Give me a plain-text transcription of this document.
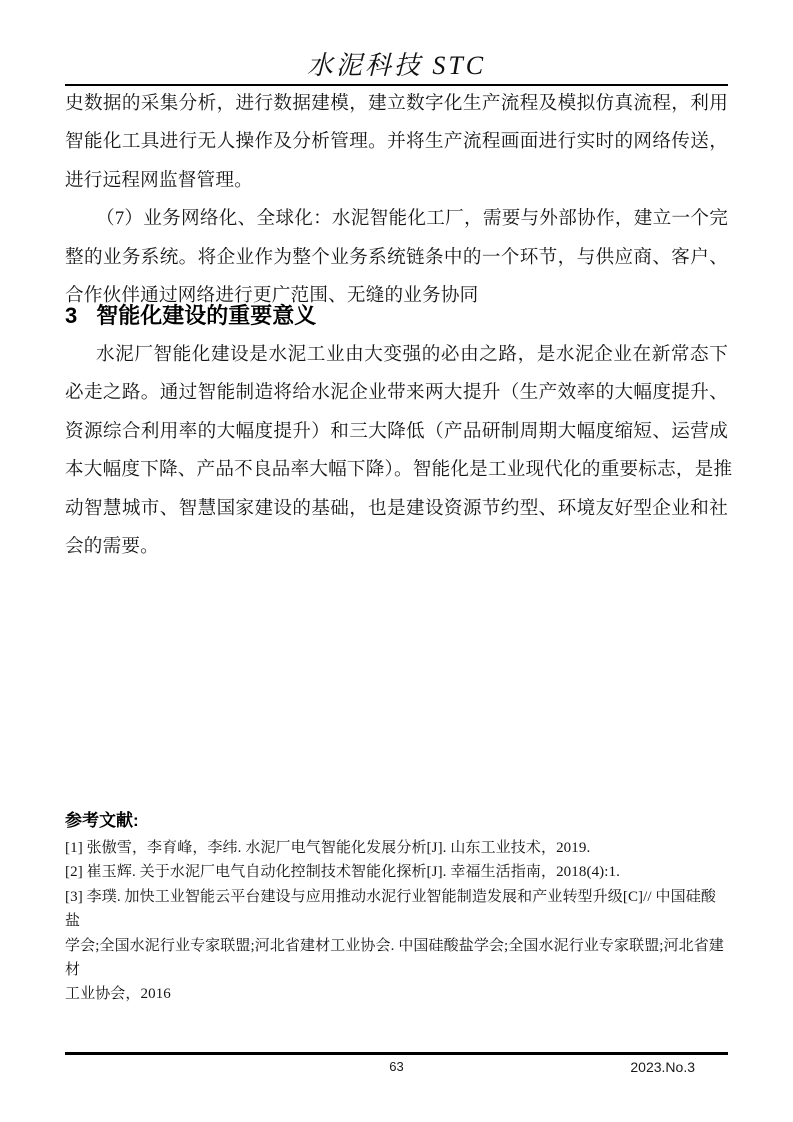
水泥科技 STC
史数据的采集分析，进行数据建模，建立数字化生产流程及模拟仿真流程，利用
智能化工具进行无人操作及分析管理。并将生产流程画面进行实时的网络传送，
进行远程网监督管理。
（7）业务网络化、全球化：水泥智能化工厂，需要与外部协作，建立一个完
整的业务系统。将企业作为整个业务系统链条中的一个环节，与供应商、客户、
合作伙伴通过网络进行更广范围、无缝的业务协同
3 智能化建设的重要意义
水泥厂智能化建设是水泥工业由大变强的必由之路，是水泥企业在新常态下
必走之路。通过智能制造将给水泥企业带来两大提升（生产效率的大幅度提升、
资源综合利用率的大幅度提升）和三大降低（产品研制周期大幅度缩短、运营成
本大幅度下降、产品不良品率大幅下降）。智能化是工业现代化的重要标志，是推
动智慧城市、智慧国家建设的基础，也是建设资源节约型、环境友好型企业和社
会的需要。
参考文献:
[1] 张傲雪，李育峰，李纬. 水泥厂电气智能化发展分析[J]. 山东工业技术，2019.
[2] 崔玉辉. 关于水泥厂电气自动化控制技术智能化探析[J]. 幸福生活指南，2018(4):1.
[3] 李璞. 加快工业智能云平台建设与应用推动水泥行业智能制造发展和产业转型升级[C]// 中国硅酸盐
学会;全国水泥行业专家联盟;河北省建材工业协会. 中国硅酸盐学会;全国水泥行业专家联盟;河北省建材
工业协会，2016
63	2023.No.3
